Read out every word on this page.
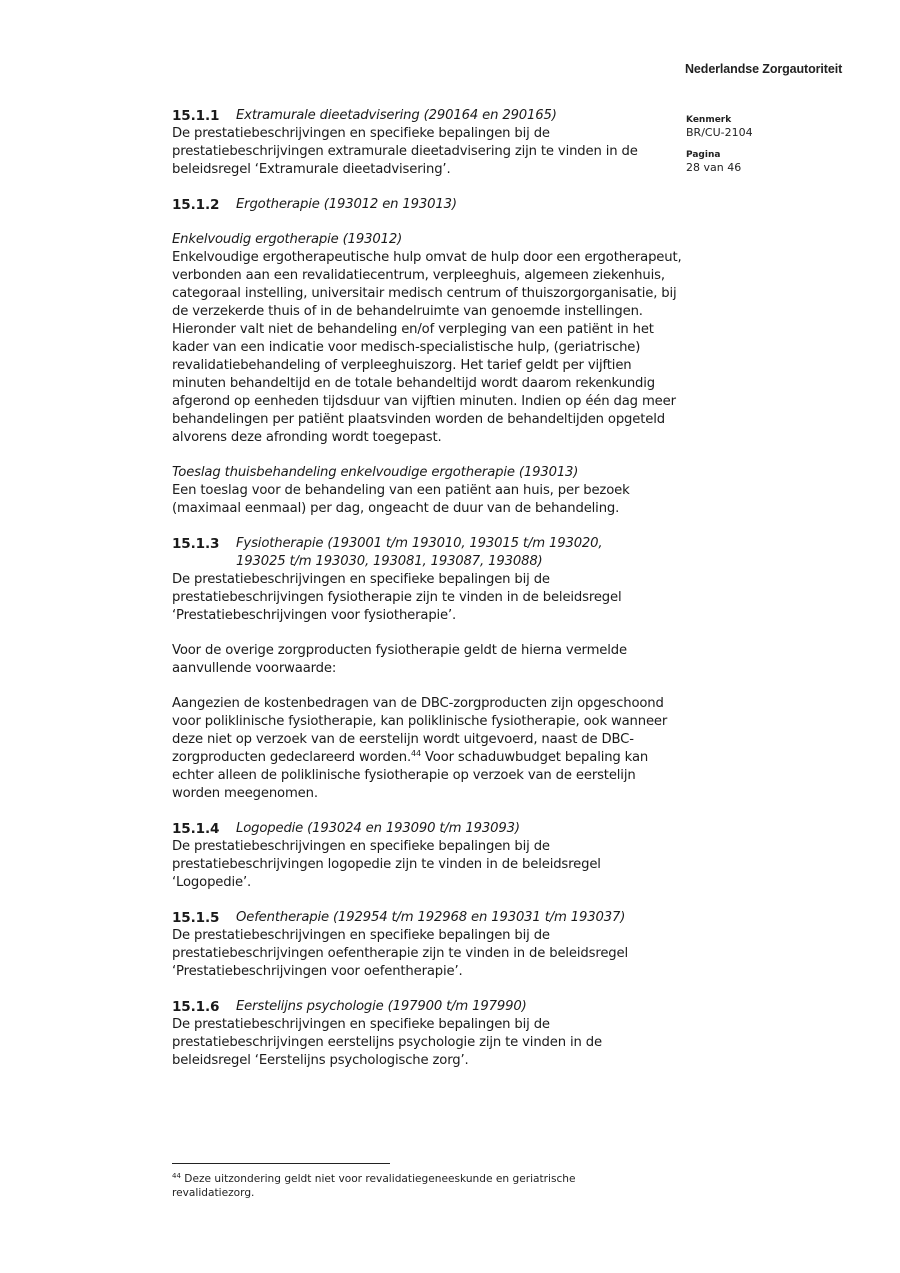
Nederlandse Zorgautoriteit
Kenmerk
BR/CU-2104
Pagina
28 van 46
15.1.1	Extramurale dieetadvisering (290164 en 290165)

De prestatiebeschrijvingen en specifieke bepalingen bij de prestatiebeschrijvingen extramurale dieetadvisering zijn te vinden in de beleidsregel ‘Extramurale dieetadvisering’.

15.1.2	Ergotherapie (193012 en 193013)

Enkelvoudig ergotherapie (193012)

Enkelvoudige ergotherapeutische hulp omvat de hulp door een ergotherapeut, verbonden aan een revalidatiecentrum, verpleeghuis, algemeen ziekenhuis, categoraal instelling, universitair medisch centrum of thuiszorgorganisatie, bij de verzekerde thuis of in de behandelruimte van genoemde instellingen. Hieronder valt niet de behandeling en/of verpleging van een patiënt in het kader van een indicatie voor medisch-specialistische hulp, (geriatrische) revalidatiebehandeling of verpleeghuiszorg. Het tarief geldt per vijftien minuten behandeltijd en de totale behandeltijd wordt daarom rekenkundig afgerond op eenheden tijdsduur van vijftien minuten. Indien op één dag meer behandelingen per patiënt plaatsvinden worden de behandeltijden opgeteld alvorens deze afronding wordt toegepast.

Toeslag thuisbehandeling enkelvoudige ergotherapie (193013)

Een toeslag voor de behandeling van een patiënt aan huis, per bezoek (maximaal eenmaal) per dag, ongeacht de duur van de behandeling.

15.1.3	Fysiotherapie (193001 t/m 193010, 193015 t/m 193020,
193025 t/m 193030, 193081, 193087, 193088)

De prestatiebeschrijvingen en specifieke bepalingen bij de prestatiebeschrijvingen fysiotherapie zijn te vinden in de beleidsregel ‘Prestatiebeschrijvingen voor fysiotherapie’.

Voor de overige zorgproducten fysiotherapie geldt de hierna vermelde aanvullende voorwaarde:

Aangezien de kostenbedragen van de DBC-zorgproducten zijn opgeschoond voor poliklinische fysiotherapie, kan poliklinische fysiotherapie, ook wanneer deze niet op verzoek van de eerstelijn wordt uitgevoerd, naast de DBC-zorgproducten gedeclareerd worden.$^{44}$ Voor schaduwbudget bepaling kan echter alleen de poliklinische fysiotherapie op verzoek van de eerstelijn worden meegenomen.

15.1.4	Logopedie (193024 en 193090 t/m 193093)

De prestatiebeschrijvingen en specifieke bepalingen bij de prestatiebeschrijvingen logopedie zijn te vinden in de beleidsregel ‘Logopedie’.

15.1.5	Oefentherapie (192954 t/m 192968 en 193031 t/m 193037)

De prestatiebeschrijvingen en specifieke bepalingen bij de prestatiebeschrijvingen oefentherapie zijn te vinden in de beleidsregel ‘Prestatiebeschrijvingen voor oefentherapie’.

15.1.6	Eerstelijns psychologie (197900 t/m 197990)

De prestatiebeschrijvingen en specifieke bepalingen bij de prestatiebeschrijvingen eerstelijns psychologie zijn te vinden in de beleidsregel ‘Eerstelijns psychologische zorg’.

$^{44}$ Deze uitzondering geldt niet voor revalidatiegeneeskunde en geriatrische revalidatiezorg.
